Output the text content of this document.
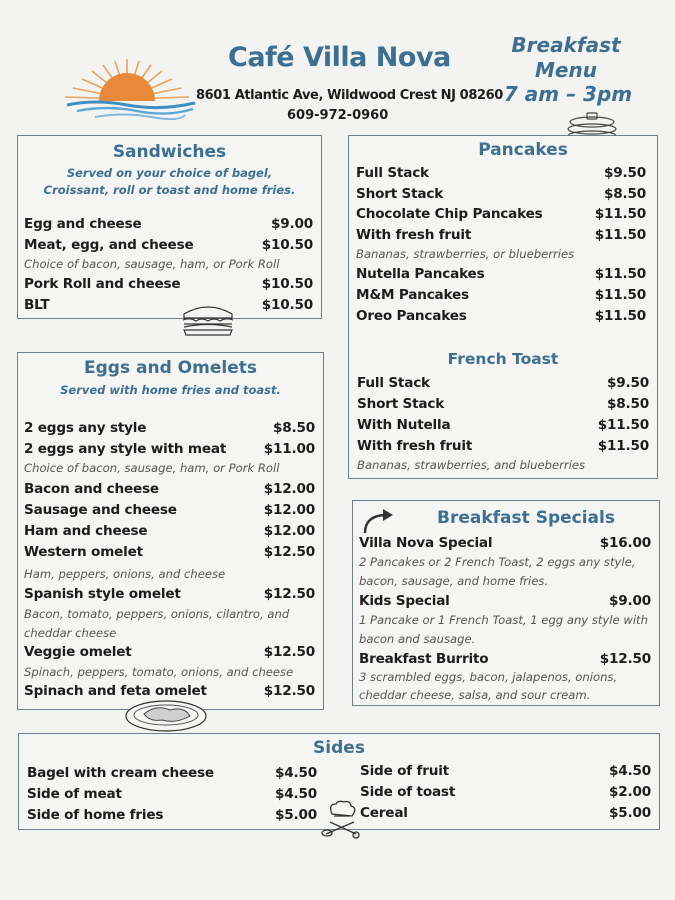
Café Villa Nova
8601 Atlantic Ave, Wildwood Crest NJ 08260
609-972-0960
Breakfast
Menu
7 am – 3pm
Sandwiches
Served on your choice of bagel,
Croissant, roll or toast and home fries.
Egg and cheese	$9.00
Meat, egg, and cheese	$10.50
Choice of bacon, sausage, ham, or Pork Roll
Pork Roll and cheese	$10.50
BLT	$10.50
Eggs and Omelets
Served with home fries and toast.
2 eggs any style	$8.50
2 eggs any style with meat	$11.00
Choice of bacon, sausage, ham, or Pork Roll
Bacon and cheese	$12.00
Sausage and cheese	$12.00
Ham and cheese	$12.00
Western omelet	$12.50
Ham, peppers, onions, and cheese
Spanish style omelet	$12.50
Bacon, tomato, peppers, onions, cilantro, and
cheddar cheese
Veggie omelet	$12.50
Spinach, peppers, tomato, onions, and cheese
Spinach and feta omelet	$12.50
Pancakes
Full Stack	$9.50
Short Stack	$8.50
Chocolate Chip Pancakes	$11.50
With fresh fruit	$11.50
Bananas, strawberries, or blueberries
Nutella Pancakes	$11.50
M&M Pancakes	$11.50
Oreo Pancakes	$11.50
French Toast
Full Stack	$9.50
Short Stack	$8.50
With Nutella	$11.50
With fresh fruit	$11.50
Bananas, strawberries, and blueberries
Breakfast Specials
Villa Nova Special	$16.00
2 Pancakes or 2 French Toast, 2 eggs any style,
bacon, sausage, and home fries.
Kids Special	$9.00
1 Pancake or 1 French Toast, 1 egg any style with
bacon and sausage.
Breakfast Burrito	$12.50
3 scrambled eggs, bacon, jalapenos, onions,
cheddar cheese, salsa, and sour cream.
Sides
Bagel with cream cheese	$4.50
Side of meat	$4.50
Side of home fries	$5.00
Side of fruit	$4.50
Side of toast	$2.00
Cereal	$5.00
